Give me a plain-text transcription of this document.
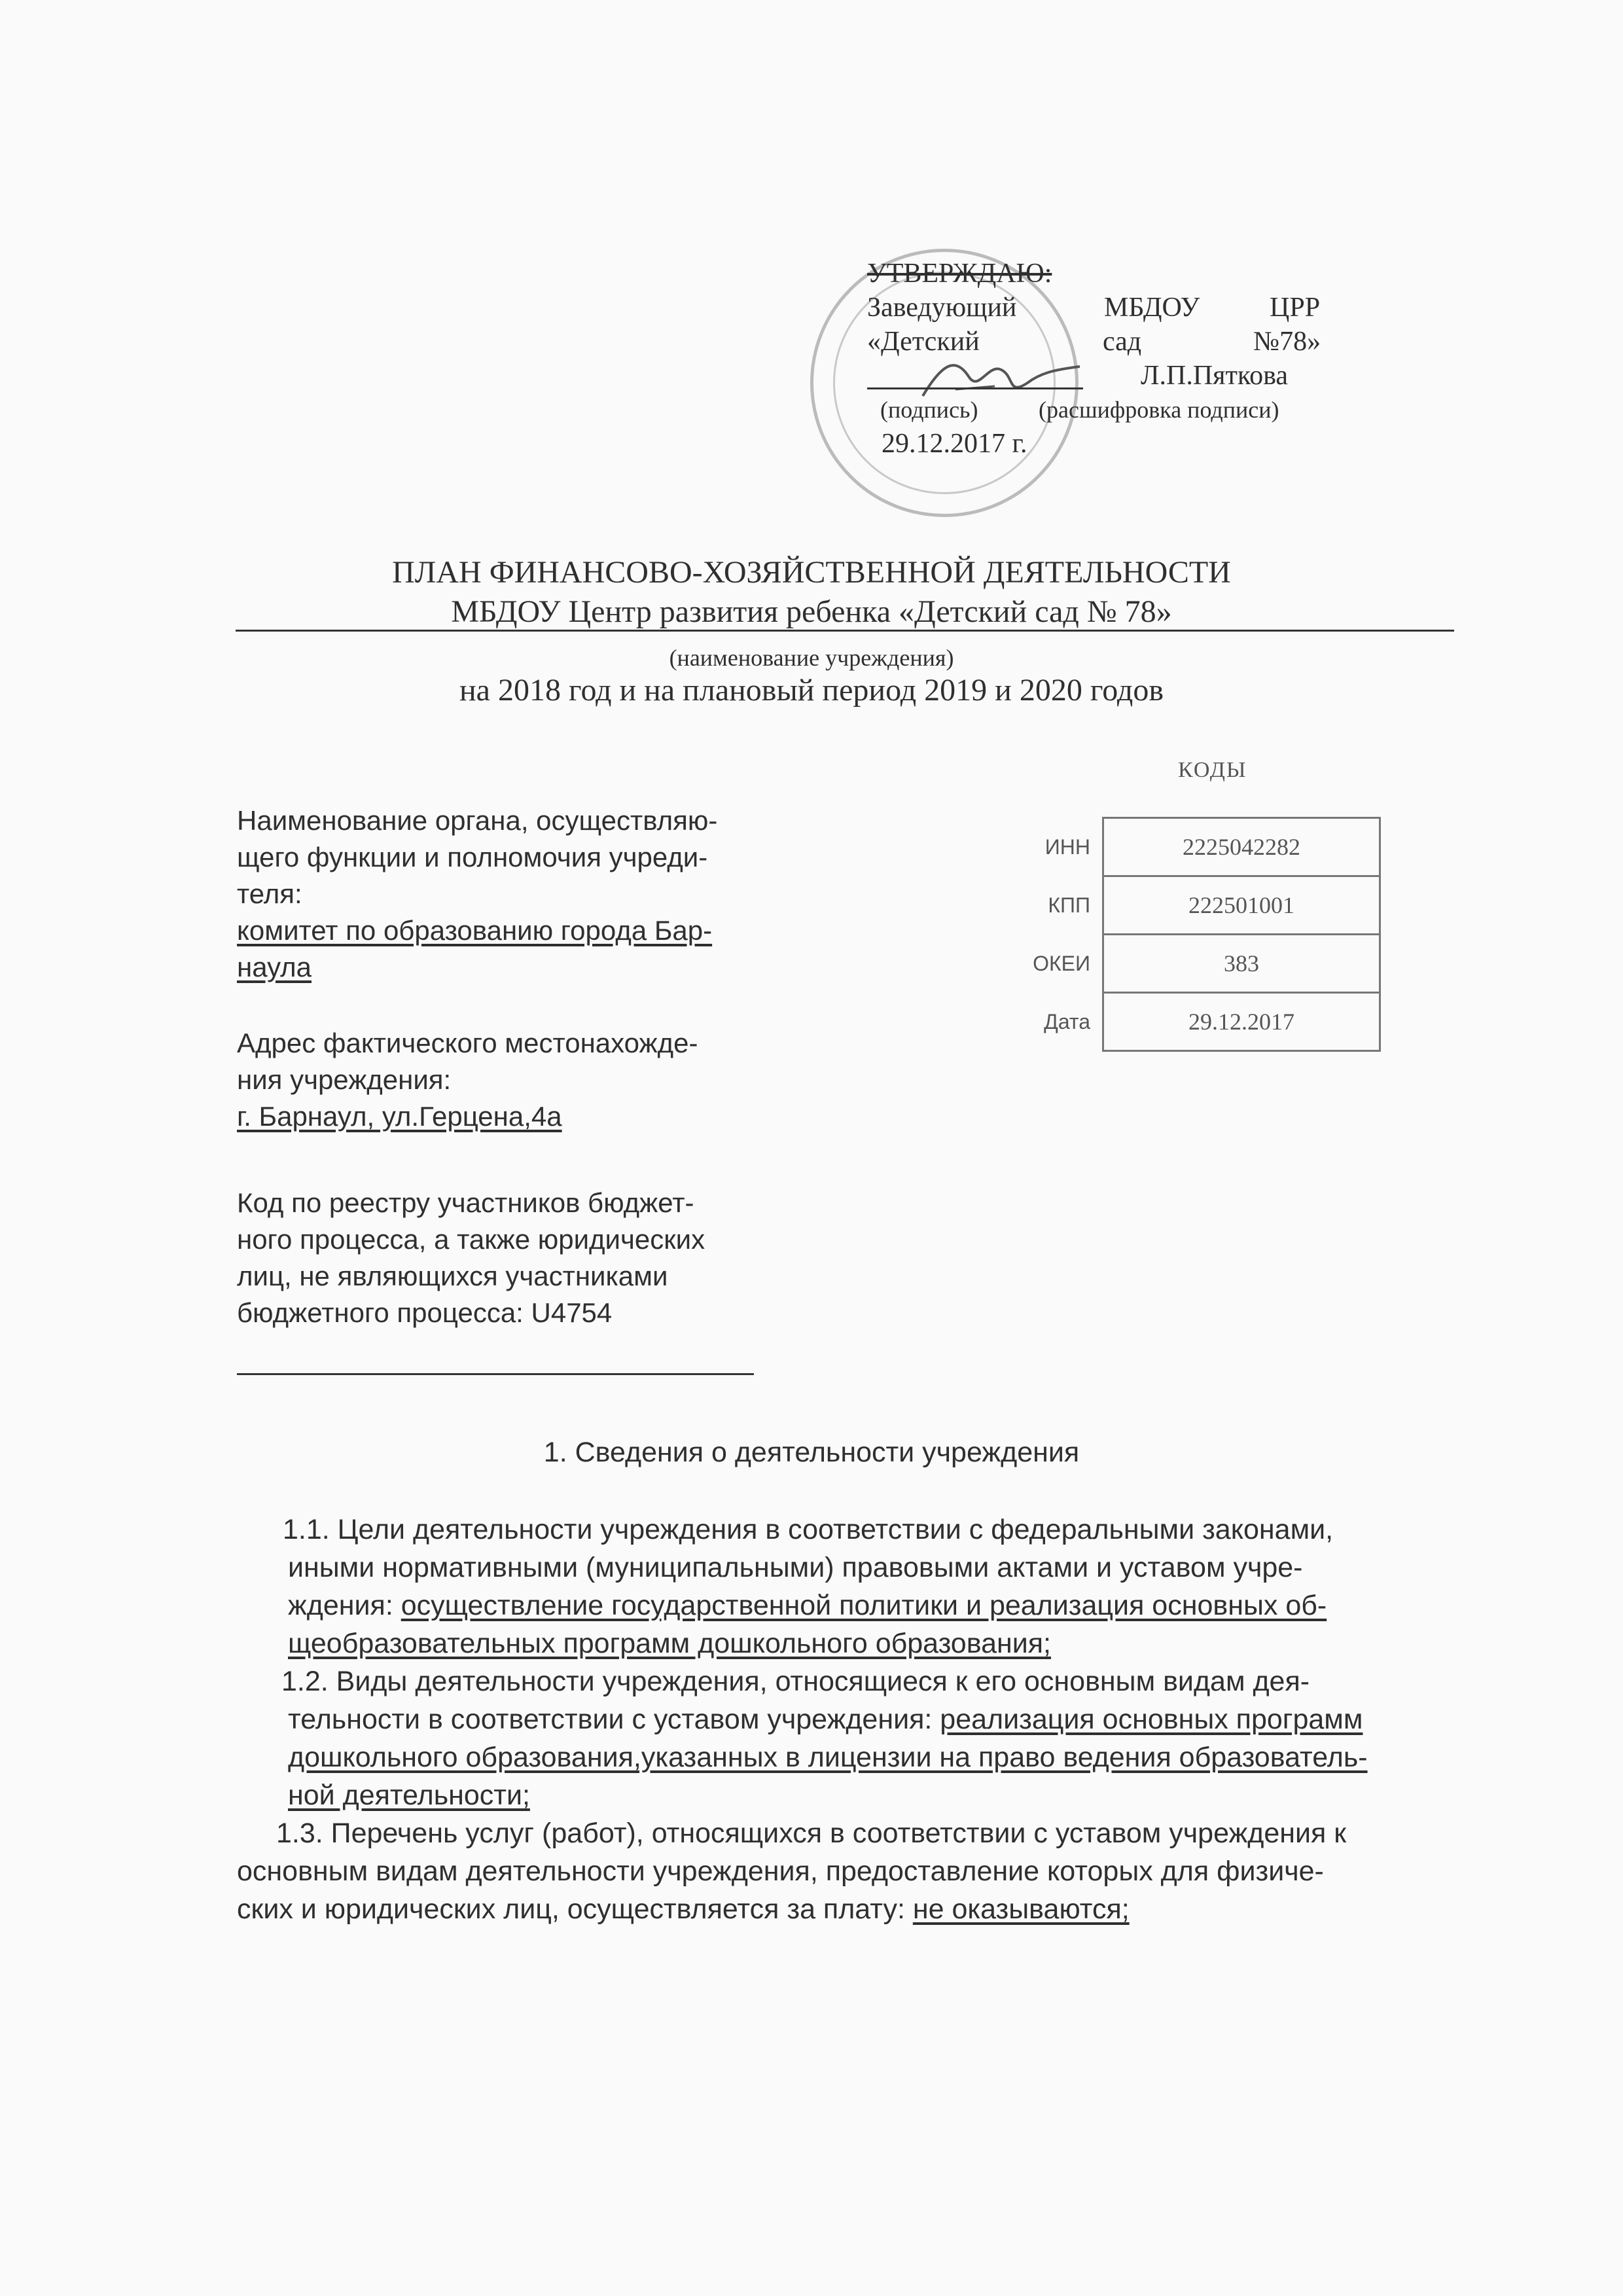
УТВЕРЖДАЮ:
Заведующий	МБДОУ	ЦРР
«Детский	сад	№78»
Л.П.Пяткова
(подпись)	(расшифровка подписи)
29.12.2017 г.
ПЛАН ФИНАНСОВО-ХОЗЯЙСТВЕННОЙ ДЕЯТЕЛЬНОСТИ
МБДОУ Центр развития ребенка «Детский сад № 78»
(наименование учреждения)
на 2018 год и на плановый период 2019 и 2020 годов
КОДЫ
ИНН	2225042282
КПП	222501001
ОКЕИ	383
Дата	29.12.2017
Наименование органа, осуществляю-
щего функции и полномочия учреди-
теля:
комитет по образованию города Бар-
наула
Адрес фактического местонахожде-
ния учреждения:
г. Барнаул, ул.Герцена,4а
Код по реестру участников бюджет-
ного процесса, а также юридических
лиц, не являющихся участниками
бюджетного процесса: U4754
1. Сведения о деятельности учреждения
1.1. Цели деятельности учреждения в соответствии с федеральными законами,
иными нормативными (муниципальными) правовыми актами и уставом учре-
ждения: осуществление государственной политики и реализация основных об-
щеобразовательных программ дошкольного образования;
1.2. Виды деятельности учреждения, относящиеся к его основным видам дея-
тельности в соответствии с уставом учреждения: реализация основных программ
дошкольного образования,указанных в лицензии на право ведения образователь-
ной деятельности;
1.3. Перечень услуг (работ), относящихся в соответствии с уставом учреждения к
основным видам деятельности учреждения, предоставление которых для физиче-
ских и юридических лиц, осуществляется за плату: не оказываются;
